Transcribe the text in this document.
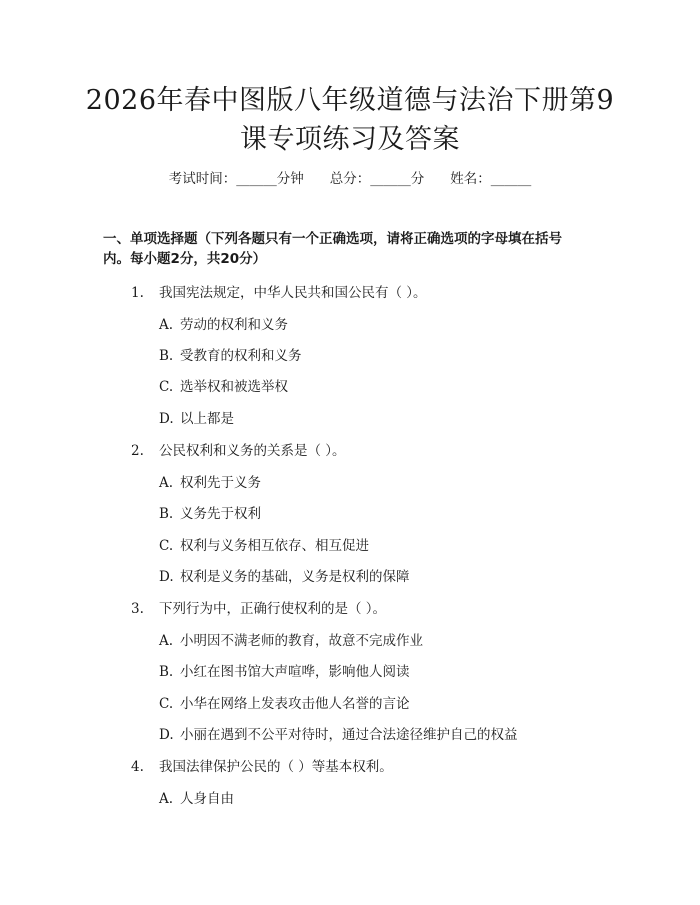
2026年春中图版八年级道德与法治下册第9
课专项练习及答案
考试时间：______分钟 总分：______分 姓名：______
一、单项选择题（下列各题只有一个正确选项，请将正确选项的字母填在括号
内。每小题2分，共20分）
1. 我国宪法规定，中华人民共和国公民有（ ）。
A. 劳动的权利和义务
B. 受教育的权利和义务
C. 选举权和被选举权
D. 以上都是
2. 公民权利和义务的关系是（ ）。
A. 权利先于义务
B. 义务先于权利
C. 权利与义务相互依存、相互促进
D. 权利是义务的基础，义务是权利的保障
3. 下列行为中，正确行使权利的是（ ）。
A. 小明因不满老师的教育，故意不完成作业
B. 小红在图书馆大声喧哗，影响他人阅读
C. 小华在网络上发表攻击他人名誉的言论
D. 小丽在遇到不公平对待时，通过合法途径维护自己的权益
4. 我国法律保护公民的（ ）等基本权利。
A. 人身自由
